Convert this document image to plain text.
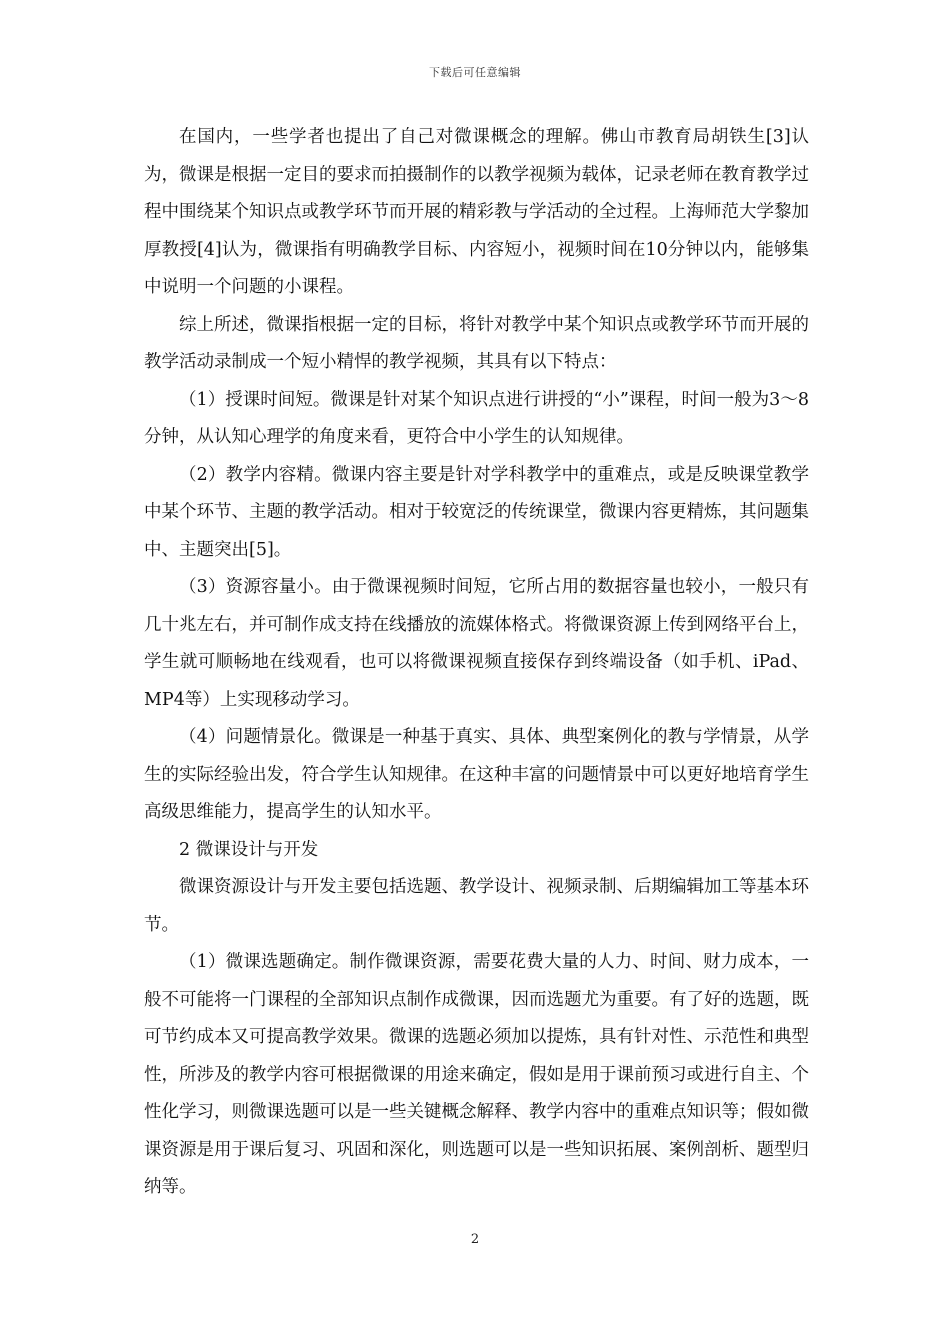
下载后可任意编辑

在国内，一些学者也提出了自己对微课概念的理解。佛山市教育局胡铁生[3]认为，微课是根据一定目的要求而拍摄制作的以教学视频为载体，记录老师在教育教学过程中围绕某个知识点或教学环节而开展的精彩教与学活动的全过程。上海师范大学黎加厚教授[4]认为，微课指有明确教学目标、内容短小，视频时间在10分钟以内，能够集中说明一个问题的小课程。

综上所述，微课指根据一定的目标，将针对教学中某个知识点或教学环节而开展的教学活动录制成一个短小精悍的教学视频，其具有以下特点：

（1）授课时间短。微课是针对某个知识点进行讲授的“小”课程，时间一般为3～8分钟，从认知心理学的角度来看，更符合中小学生的认知规律。

（2）教学内容精。微课内容主要是针对学科教学中的重难点，或是反映课堂教学中某个环节、主题的教学活动。相对于较宽泛的传统课堂，微课内容更精炼，其问题集中、主题突出[5]。

（3）资源容量小。由于微课视频时间短，它所占用的数据容量也较小，一般只有几十兆左右，并可制作成支持在线播放的流媒体格式。将微课资源上传到网络平台上，学生就可顺畅地在线观看，也可以将微课视频直接保存到终端设备（如手机、iPad、MP4等）上实现移动学习。

（4）问题情景化。微课是一种基于真实、具体、典型案例化的教与学情景，从学生的实际经验出发，符合学生认知规律。在这种丰富的问题情景中可以更好地培育学生高级思维能力，提高学生的认知水平。

2 微课设计与开发

微课资源设计与开发主要包括选题、教学设计、视频录制、后期编辑加工等基本环节。

（1）微课选题确定。制作微课资源，需要花费大量的人力、时间、财力成本，一般不可能将一门课程的全部知识点制作成微课，因而选题尤为重要。有了好的选题，既可节约成本又可提高教学效果。微课的选题必须加以提炼，具有针对性、示范性和典型性，所涉及的教学内容可根据微课的用途来确定，假如是用于课前预习或进行自主、个性化学习，则微课选题可以是一些关键概念解释、教学内容中的重难点知识等；假如微课资源是用于课后复习、巩固和深化，则选题可以是一些知识拓展、案例剖析、题型归纳等。

2
